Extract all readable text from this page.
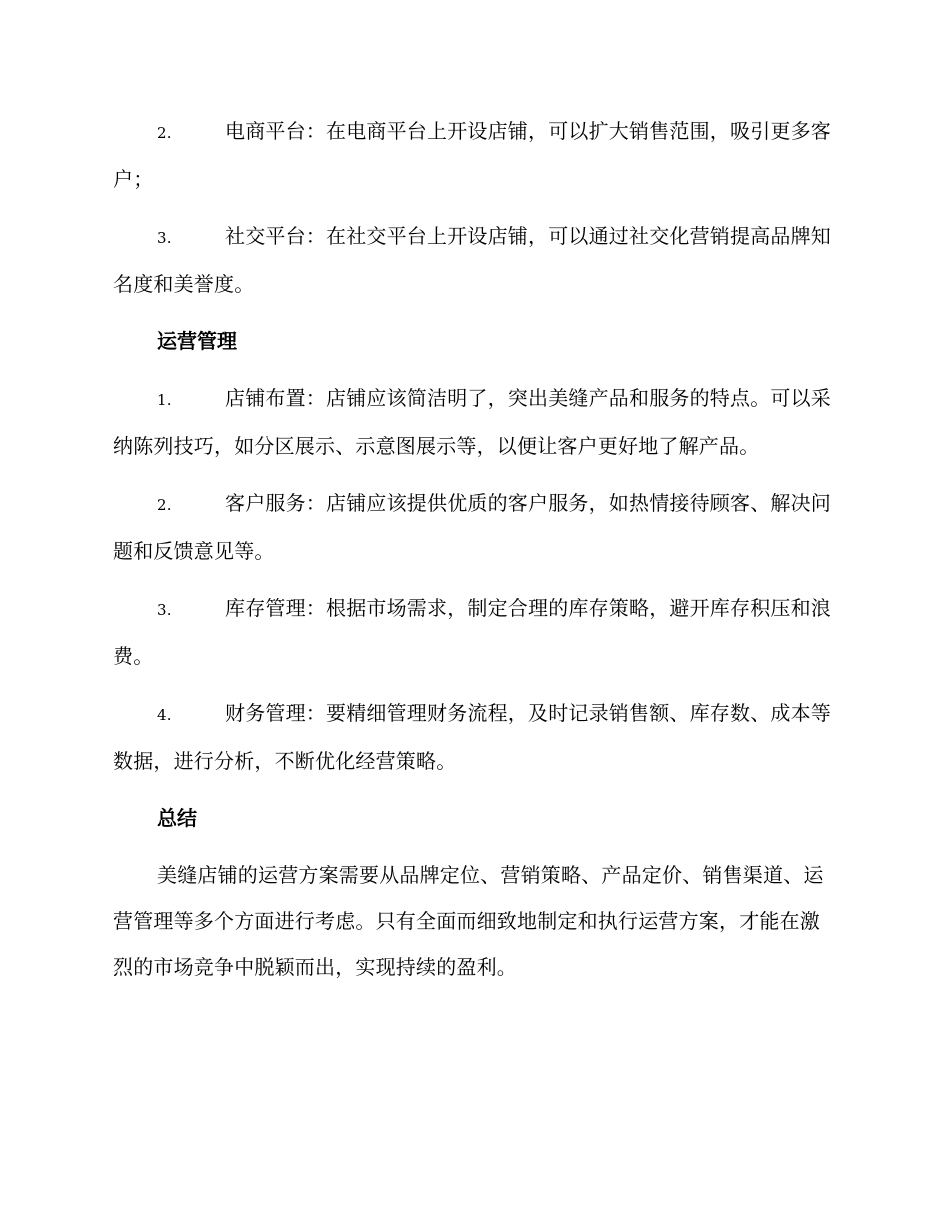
2.	电商平台：在电商平台上开设店铺，可以扩大销售范围，吸引更多客户；

3.	社交平台：在社交平台上开设店铺，可以通过社交化营销提高品牌知名度和美誉度。

运营管理

1.	店铺布置：店铺应该简洁明了，突出美缝产品和服务的特点。可以采纳陈列技巧，如分区展示、示意图展示等，以便让客户更好地了解产品。

2.	客户服务：店铺应该提供优质的客户服务，如热情接待顾客、解决问题和反馈意见等。

3.	库存管理：根据市场需求，制定合理的库存策略，避开库存积压和浪费。

4.	财务管理：要精细管理财务流程，及时记录销售额、库存数、成本等数据，进行分析，不断优化经营策略。

总结

美缝店铺的运营方案需要从品牌定位、营销策略、产品定价、销售渠道、运营管理等多个方面进行考虑。只有全面而细致地制定和执行运营方案，才能在激烈的市场竞争中脱颖而出，实现持续的盈利。
